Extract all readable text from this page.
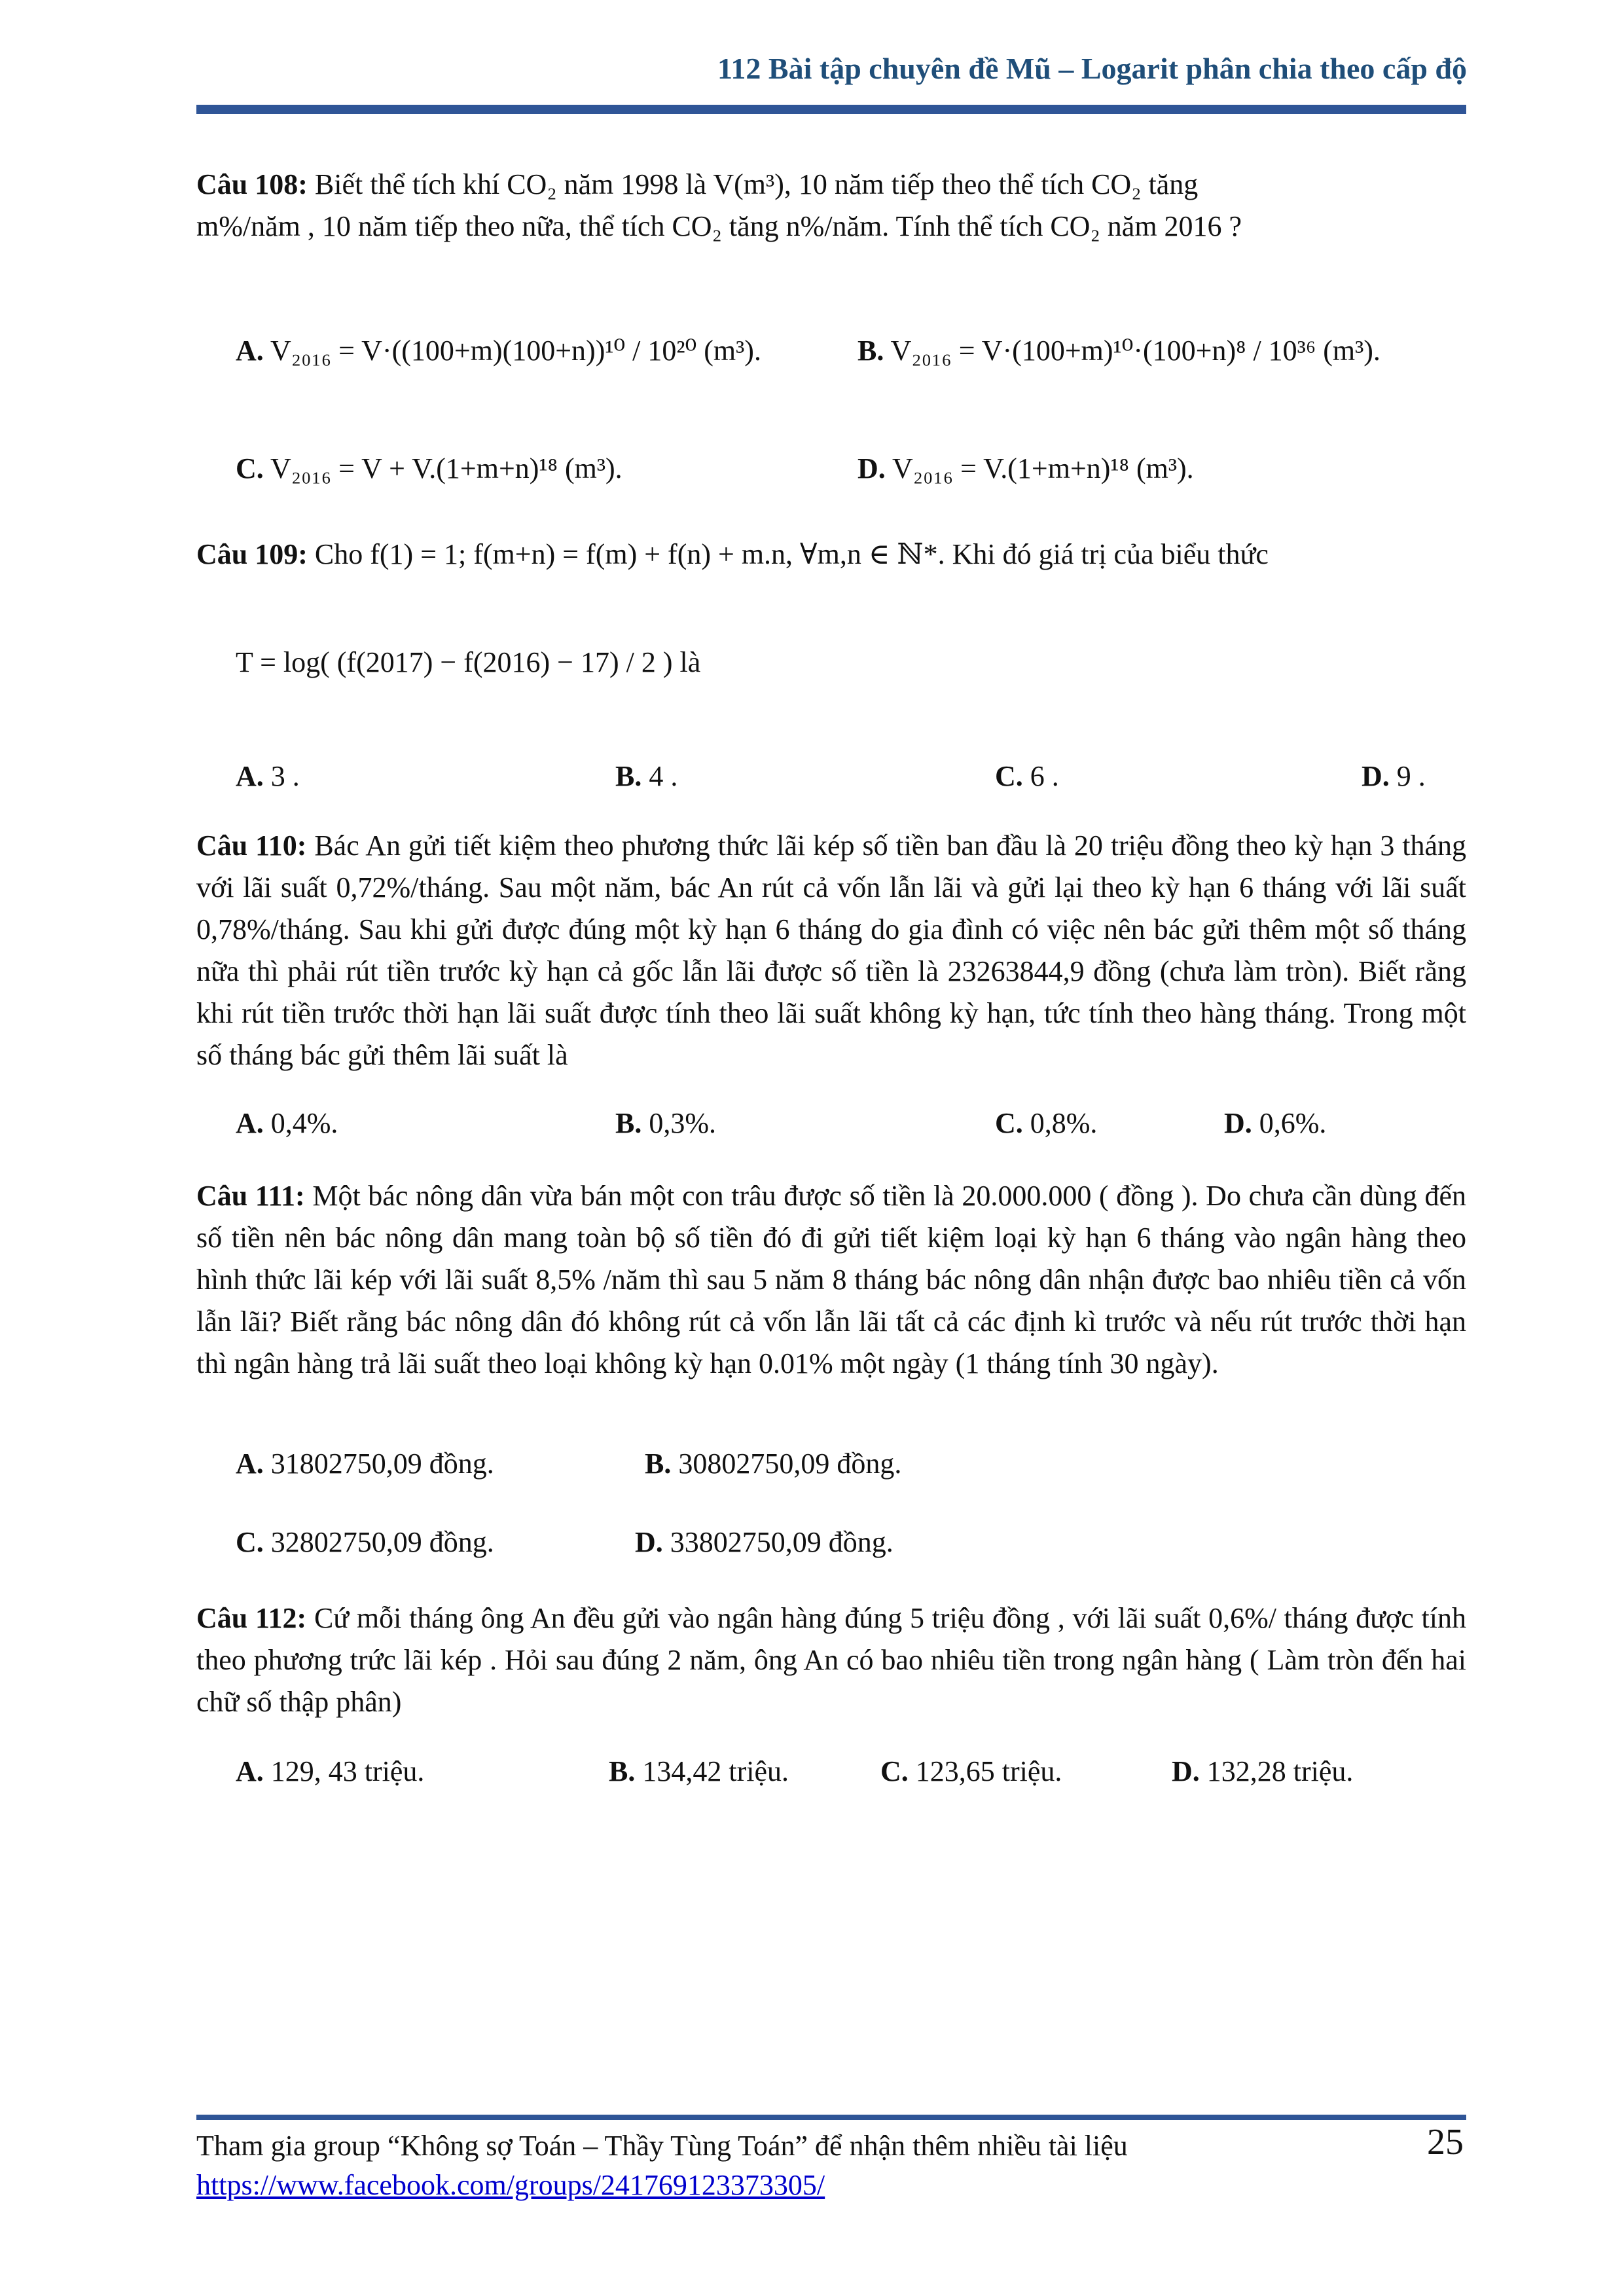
112 Bài tập chuyên đề Mũ – Logarit phân chia theo cấp độ
Câu 108: Biết thể tích khí CO₂ năm 1998 là V(m³), 10 năm tiếp theo thể tích CO₂ tăng
m%/năm , 10 năm tiếp theo nữa, thể tích CO₂ tăng n%/năm. Tính thể tích CO₂ năm 2016 ?
A. V₂₀₁₆ = V·((100+m)(100+n))¹⁰ / 10²⁰ (m³).	B. V₂₀₁₆ = V·(100+m)¹⁰·(100+n)⁸ / 10³⁶ (m³).
C. V₂₀₁₆ = V + V.(1+m+n)¹⁸ (m³).	D. V₂₀₁₆ = V.(1+m+n)¹⁸ (m³).
Câu 109: Cho f(1) = 1; f(m+n) = f(m) + f(n) + m.n, ∀m,n ∈ ℕ*. Khi đó giá trị của biểu thức
T = log( (f(2017) − f(2016) − 17) / 2 ) là
A. 3 .	B. 4 .	C. 6 .	D. 9 .
Câu 110: Bác An gửi tiết kiệm theo phương thức lãi kép số tiền ban đầu là 20 triệu đồng theo kỳ hạn 3 tháng với lãi suất 0,72%/tháng. Sau một năm, bác An rút cả vốn lẫn lãi và gửi lại theo kỳ hạn 6 tháng với lãi suất 0,78%/tháng. Sau khi gửi được đúng một kỳ hạn 6 tháng do gia đình có việc nên bác gửi thêm một số tháng nữa thì phải rút tiền trước kỳ hạn cả gốc lẫn lãi được số tiền là 23263844,9 đồng (chưa làm tròn). Biết rằng khi rút tiền trước thời hạn lãi suất được tính theo lãi suất không kỳ hạn, tức tính theo hàng tháng. Trong một số tháng bác gửi thêm lãi suất là
A. 0,4%.	B. 0,3%.	C. 0,8%.	D. 0,6%.
Câu 111: Một bác nông dân vừa bán một con trâu được số tiền là 20.000.000 ( đồng ). Do chưa cần dùng đến số tiền nên bác nông dân mang toàn bộ số tiền đó đi gửi tiết kiệm loại kỳ hạn 6 tháng vào ngân hàng theo hình thức lãi kép với lãi suất 8,5% /năm thì sau 5 năm 8 tháng bác nông dân nhận được bao nhiêu tiền cả vốn lẫn lãi? Biết rằng bác nông dân đó không rút cả vốn lẫn lãi tất cả các định kì trước và nếu rút trước thời hạn thì ngân hàng trả lãi suất theo loại không kỳ hạn 0.01% một ngày (1 tháng tính 30 ngày).
A. 31802750,09 đồng.	B. 30802750,09 đồng.
C. 32802750,09 đồng.	D. 33802750,09 đồng.
Câu 112: Cứ mỗi tháng ông An đều gửi vào ngân hàng đúng 5 triệu đồng , với lãi suất 0,6%/ tháng được tính theo phương trức lãi kép . Hỏi sau đúng 2 năm, ông An có bao nhiêu tiền trong ngân hàng ( Làm tròn đến hai chữ số thập phân)
A. 129, 43 triệu.	B. 134,42 triệu.	C. 123,65 triệu.	D. 132,28 triệu.
Tham gia group “Không sợ Toán – Thầy Tùng Toán” để nhận thêm nhiều tài liệu
https://www.facebook.com/groups/241769123373305/
25
